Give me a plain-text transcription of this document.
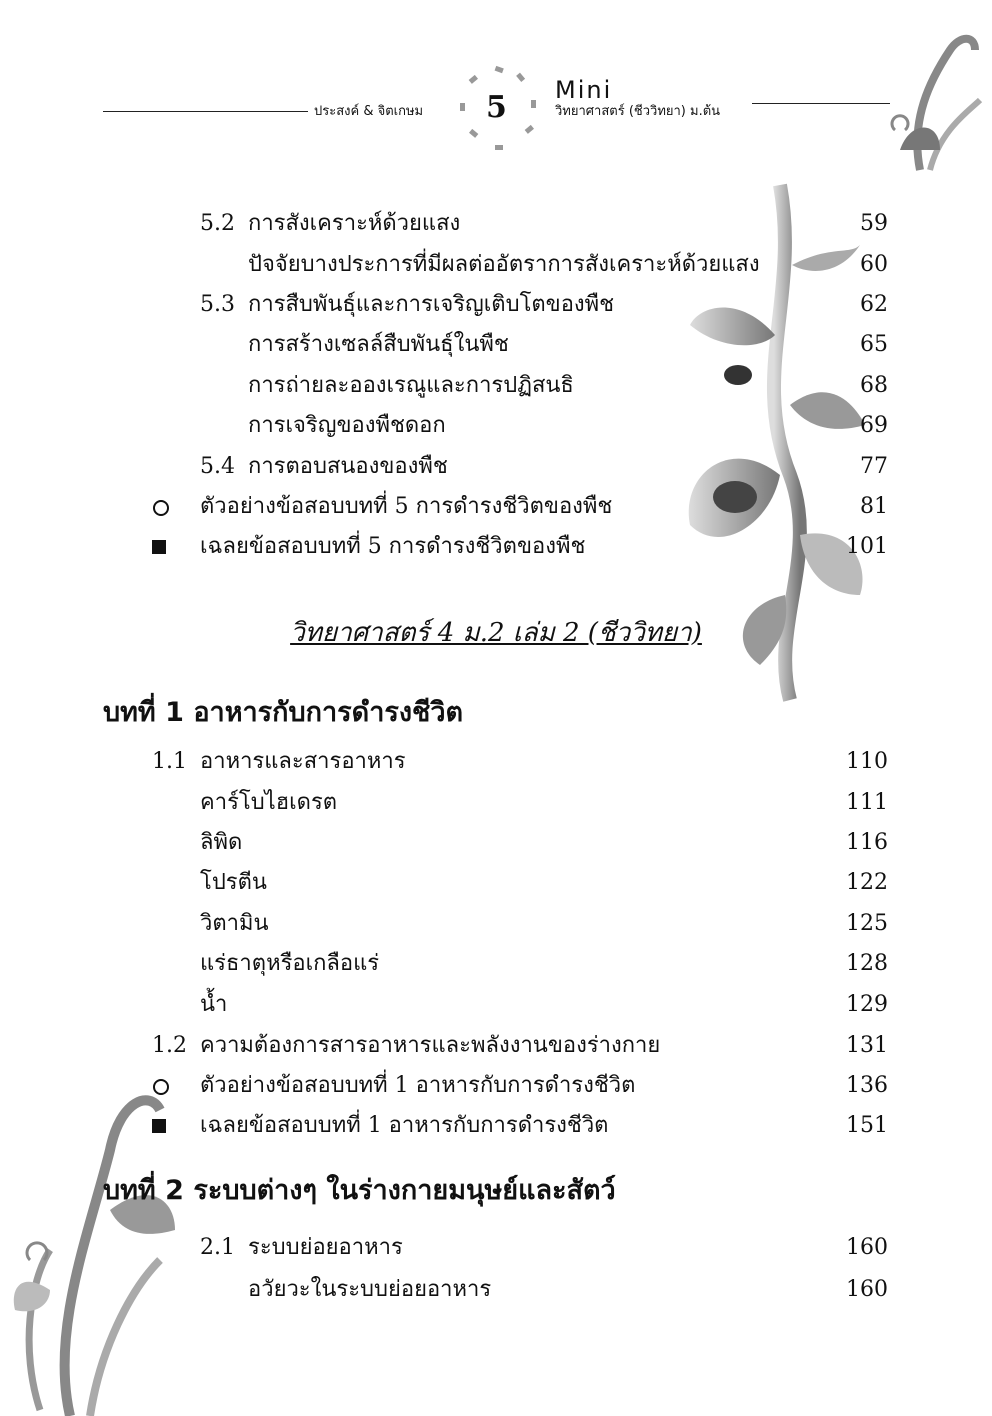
ประสงค์ & จิตเกษม 5 Mini
วิทยาศาสตร์ (ชีววิทยา) ม.ต้น
5.2 การสังเคราะห์ด้วยแสง	59
ปัจจัยบางประการที่มีผลต่ออัตราการสังเคราะห์ด้วยแสง	60
5.3 การสืบพันธุ์และการเจริญเติบโตของพืช	62
การสร้างเซลล์สืบพันธุ์ในพืช	65
การถ่ายละอองเรณูและการปฏิสนธิ	68
การเจริญของพืชดอก	69
5.4 การตอบสนองของพืช	77
ตัวอย่างข้อสอบบทที่ 5 การดำรงชีวิตของพืช	81
เฉลยข้อสอบบทที่ 5 การดำรงชีวิตของพืช	101
วิทยาศาสตร์ 4 ม.2 เล่ม 2 (ชีววิทยา)
บทที่ 1 อาหารกับการดำรงชีวิต
1.1 อาหารและสารอาหาร	110
คาร์โบไฮเดรต	111
ลิพิด	116
โปรตีน	122
วิตามิน	125
แร่ธาตุหรือเกลือแร่	128
น้ำ	129
1.2 ความต้องการสารอาหารและพลังงานของร่างกาย	131
ตัวอย่างข้อสอบบทที่ 1 อาหารกับการดำรงชีวิต	136
เฉลยข้อสอบบทที่ 1 อาหารกับการดำรงชีวิต	151
บทที่ 2 ระบบต่างๆ ในร่างกายมนุษย์และสัตว์
2.1 ระบบย่อยอาหาร	160
อวัยวะในระบบย่อยอาหาร	160
